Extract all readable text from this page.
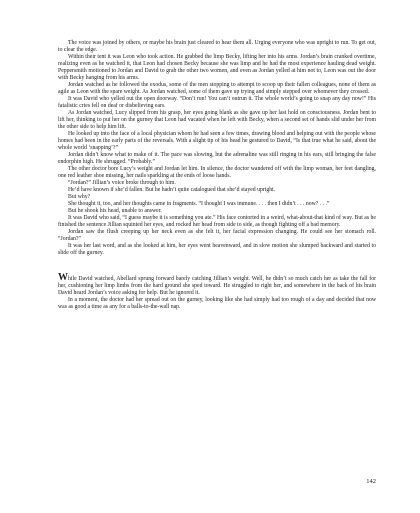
The voice was joined by others, or maybe his brain just cleared to hear them all. Urging everyone who was upright to run. To get out, to clear the edge.

Within their tent it was Leon who took action. He grabbed the limp Becky, lifting her into his arms. Jordan’s brain cranked overtime, realizing even as he watched it, that Leon had chosen Becky because she was limp and he had the most experience hauling dead weight. Peppersmith motioned to Jordan and David to grab the other two women, and even as Jordan yelled at him not to, Leon was out the door with Becky hanging from his arms.

Jordan watched as he followed the exodus, some of the men stopping to attempt to scoop up their fallen colleagues, none of them as agile as Leon with the spare weight. As Jordan watched, some of them gave up trying and simply stepped over whomever they crossed.

It was David who yelled out the open doorway. “Don’t run! You can’t outrun it. The whole world’s going to snap any day now!” His fatalistic cries fell on deaf or disbelieving ears.

As Jordan watched, Lucy slipped from his grasp, her eyes going blank as she gave up her last hold on consciousness. Jordan bent to lift her, thinking to put her on the gurney that Leon had vacated when he left with Becky, when a second set of hands slid under her from the other side to help him lift.

He looked up into the face of a local physician whom he had seen a few times, drawing blood and helping out with the people whose homes had been in the early parts of the reversals. With a slight tip of his head he gestured to David, “Is that true what he said, about the whole world ‘snapping’?”

Jordan didn’t know what to make of it. The pace was slowing, but the adrenaline was still ringing in his ears, still bringing the false endorphin high. He shrugged. “Probably.”

The other doctor bore Lucy’s weight and Jordan let him. In silence, the doctor wandered off with the limp woman, her feet dangling, one red leather shoe missing, her nails sparkling at the ends of loose hands.

“Jordan?” Jillian’s voice broke through to him.

He’d have known if she’d fallen. But he hadn’t quite catalogued that she’d stayed upright.

But why?

She thought it, too, and her thoughts came in fragments. “I thought I was immune. . . . then I didn’t . . . now? . . .”

But he shook his head, unable to answer.

It was David who said, “I guess maybe it is something you ate.” His face contorted in a weird, what-about-that kind of way. But as he finished the sentence Jillian squinted her eyes, and rocked her head from side to side, as though fighting off a bad memory.

Jordan saw the flush creeping up her neck even as she felt it, her facial expression changing. He could see her stomach roll. “Jordan?”

It was her last word, and as she looked at him, her eyes went heavenward, and in slow motion she slumped backward and started to slide off the gurney.

While David watched, Abellard sprung forward barely catching Jillian’s weight. Well, he didn’t so much catch her as take the fall for her, cushioning her limp limbs from the hard ground she sped toward. He struggled to right her, and somewhere in the back of his brain David heard Jordan’s voice asking for help. But he ignored it.

In a moment, the doctor had her spread out on the gurney, looking like she had simply had too rough of a day and decided that now was as good a time as any for a balls-to-the-wall nap.

142
